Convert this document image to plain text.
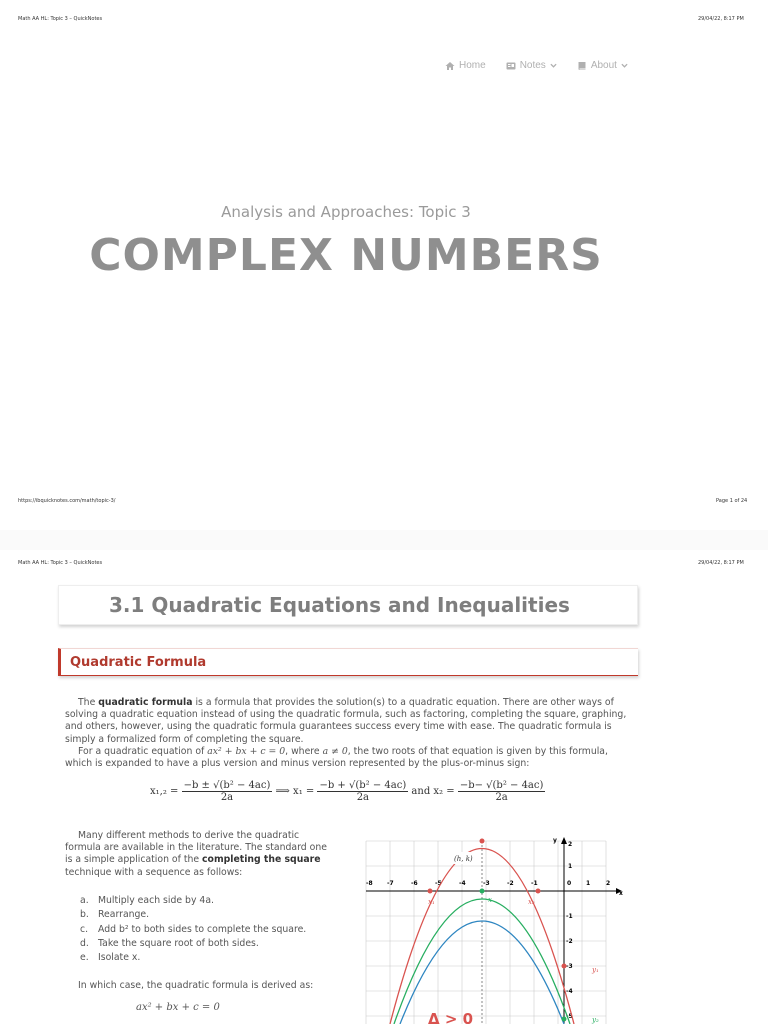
Math AA HL: Topic 3 – QuickNotes	29/04/22, 8:17 PM
Home	Notes	About
Analysis and Approaches: Topic 3
COMPLEX NUMBERS
https://ibquicknotes.com/math/topic-3/	Page 1 of 24
Math AA HL: Topic 3 – QuickNotes	29/04/22, 8:17 PM
3.1 Quadratic Equations and Inequalities
Quadratic Formula
The quadratic formula is a formula that provides the solution(s) to a quadratic equation. There are other ways of solving a quadratic equation instead of using the quadratic formula, such as factoring, completing the square, graphing, and others, however, using the quadratic formula guarantees success every time with ease. The quadratic formula is simply a formalized form of completing the square.
For a quadratic equation of ax² + bx + c = 0, where a ≠ 0, the two roots of that equation is given by this formula, which is expanded to have a plus version and minus version represented by the plus-or-minus sign:
$x_1,_2 = \frac{\text{−b ± √(b² − 4ac)}}{2a}$ ⟹ $x_1 = \frac{\text{−b + √(b² − 4ac)}}{2a}$ and $x_2 = \frac{\text{−b− √(b² − 4ac)}}{2a}$
Many different methods to derive the quadratic formula are available in the literature. The standard one is a simple application of the completing the square technique with a sequence as follows:
a.	Multiply each side by 4a.
b. Rearrange.
c.	Add b² to both sides to complete the square.
d. Take the square root of both sides.
e.	Isolate x.
In which case, the quadratic formula is derived as:
ax² + bx + c = 0
-8 -7	-6	-5	-4	-3	-2	-1	0 1	2
2
1
-1
-2
-3
-4
-5
x
y
(h, k)
x₁	x₂
x
y₁
y₂
Δ > 0
